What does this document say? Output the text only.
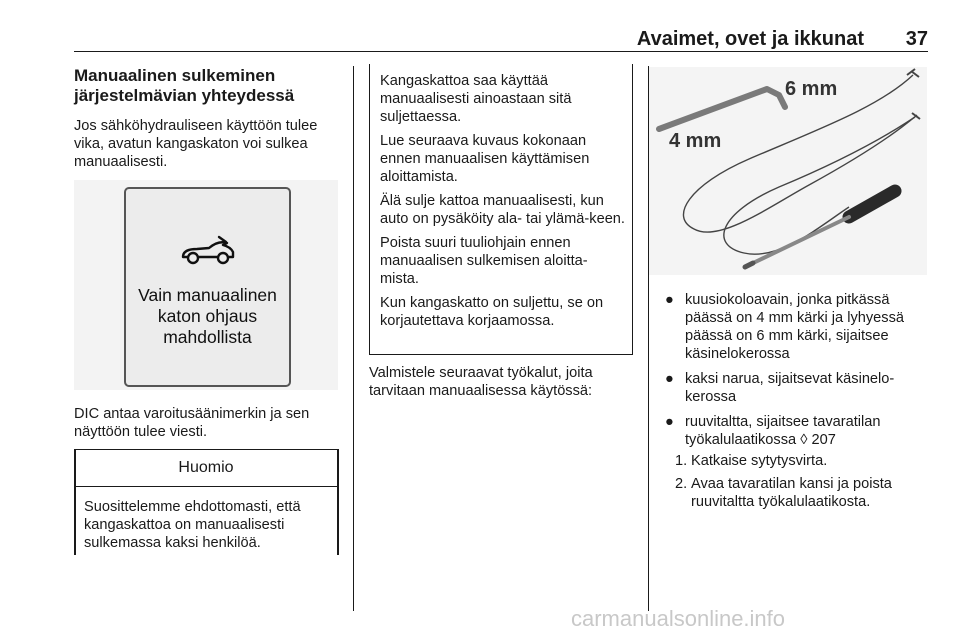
Avaimet, ovet ja ikkunat 37
Manuaalinen sulkeminen järjestelmävian yhteydessä
Jos sähköhydrauliseen käyttöön tulee vika, avatun kangaskaton voi sulkea manuaalisesti.
Vain manuaalinen katon ohjaus mahdollista
DIC antaa varoitusäänimerkin ja sen näyttöön tulee viesti.
Huomio
Suosittelemme ehdottomasti, että kangaskattoa on manuaalisesti sulkemassa kaksi henkilöä.

Kangaskattoa saa käyttää manuaalisesti ainoastaan sitä suljettaessa.

Lue seuraava kuvaus kokonaan ennen manuaalisen käyttämisen aloittamista.

Älä sulje kattoa manuaalisesti, kun auto on pysäköity ala- tai ylämä-keen.

Poista suuri tuuliohjain ennen manuaalisen sulkemisen aloitta-mista.

Kun kangaskatto on suljettu, se on korjautettava korjaamossa.

Valmistele seuraavat työkalut, joita tarvitaan manuaalisessa käytössä:
6 mm
4 mm
● kuusiokoloavain, jonka pitkässä päässä on 4 mm kärki ja lyhyessä päässä on 6 mm kärki, sijaitsee käsinelokerossa
● kaksi narua, sijaitsevat käsinelo-kerossa
● ruuvitaltta, sijaitsee tavaratilan työkalulaatikossa ◊ 207
1. Katkaise sytytysvirta.
2. Avaa tavaratilan kansi ja poista ruuvitaltta työkalulaatikosta.
carmanualsonline.info
